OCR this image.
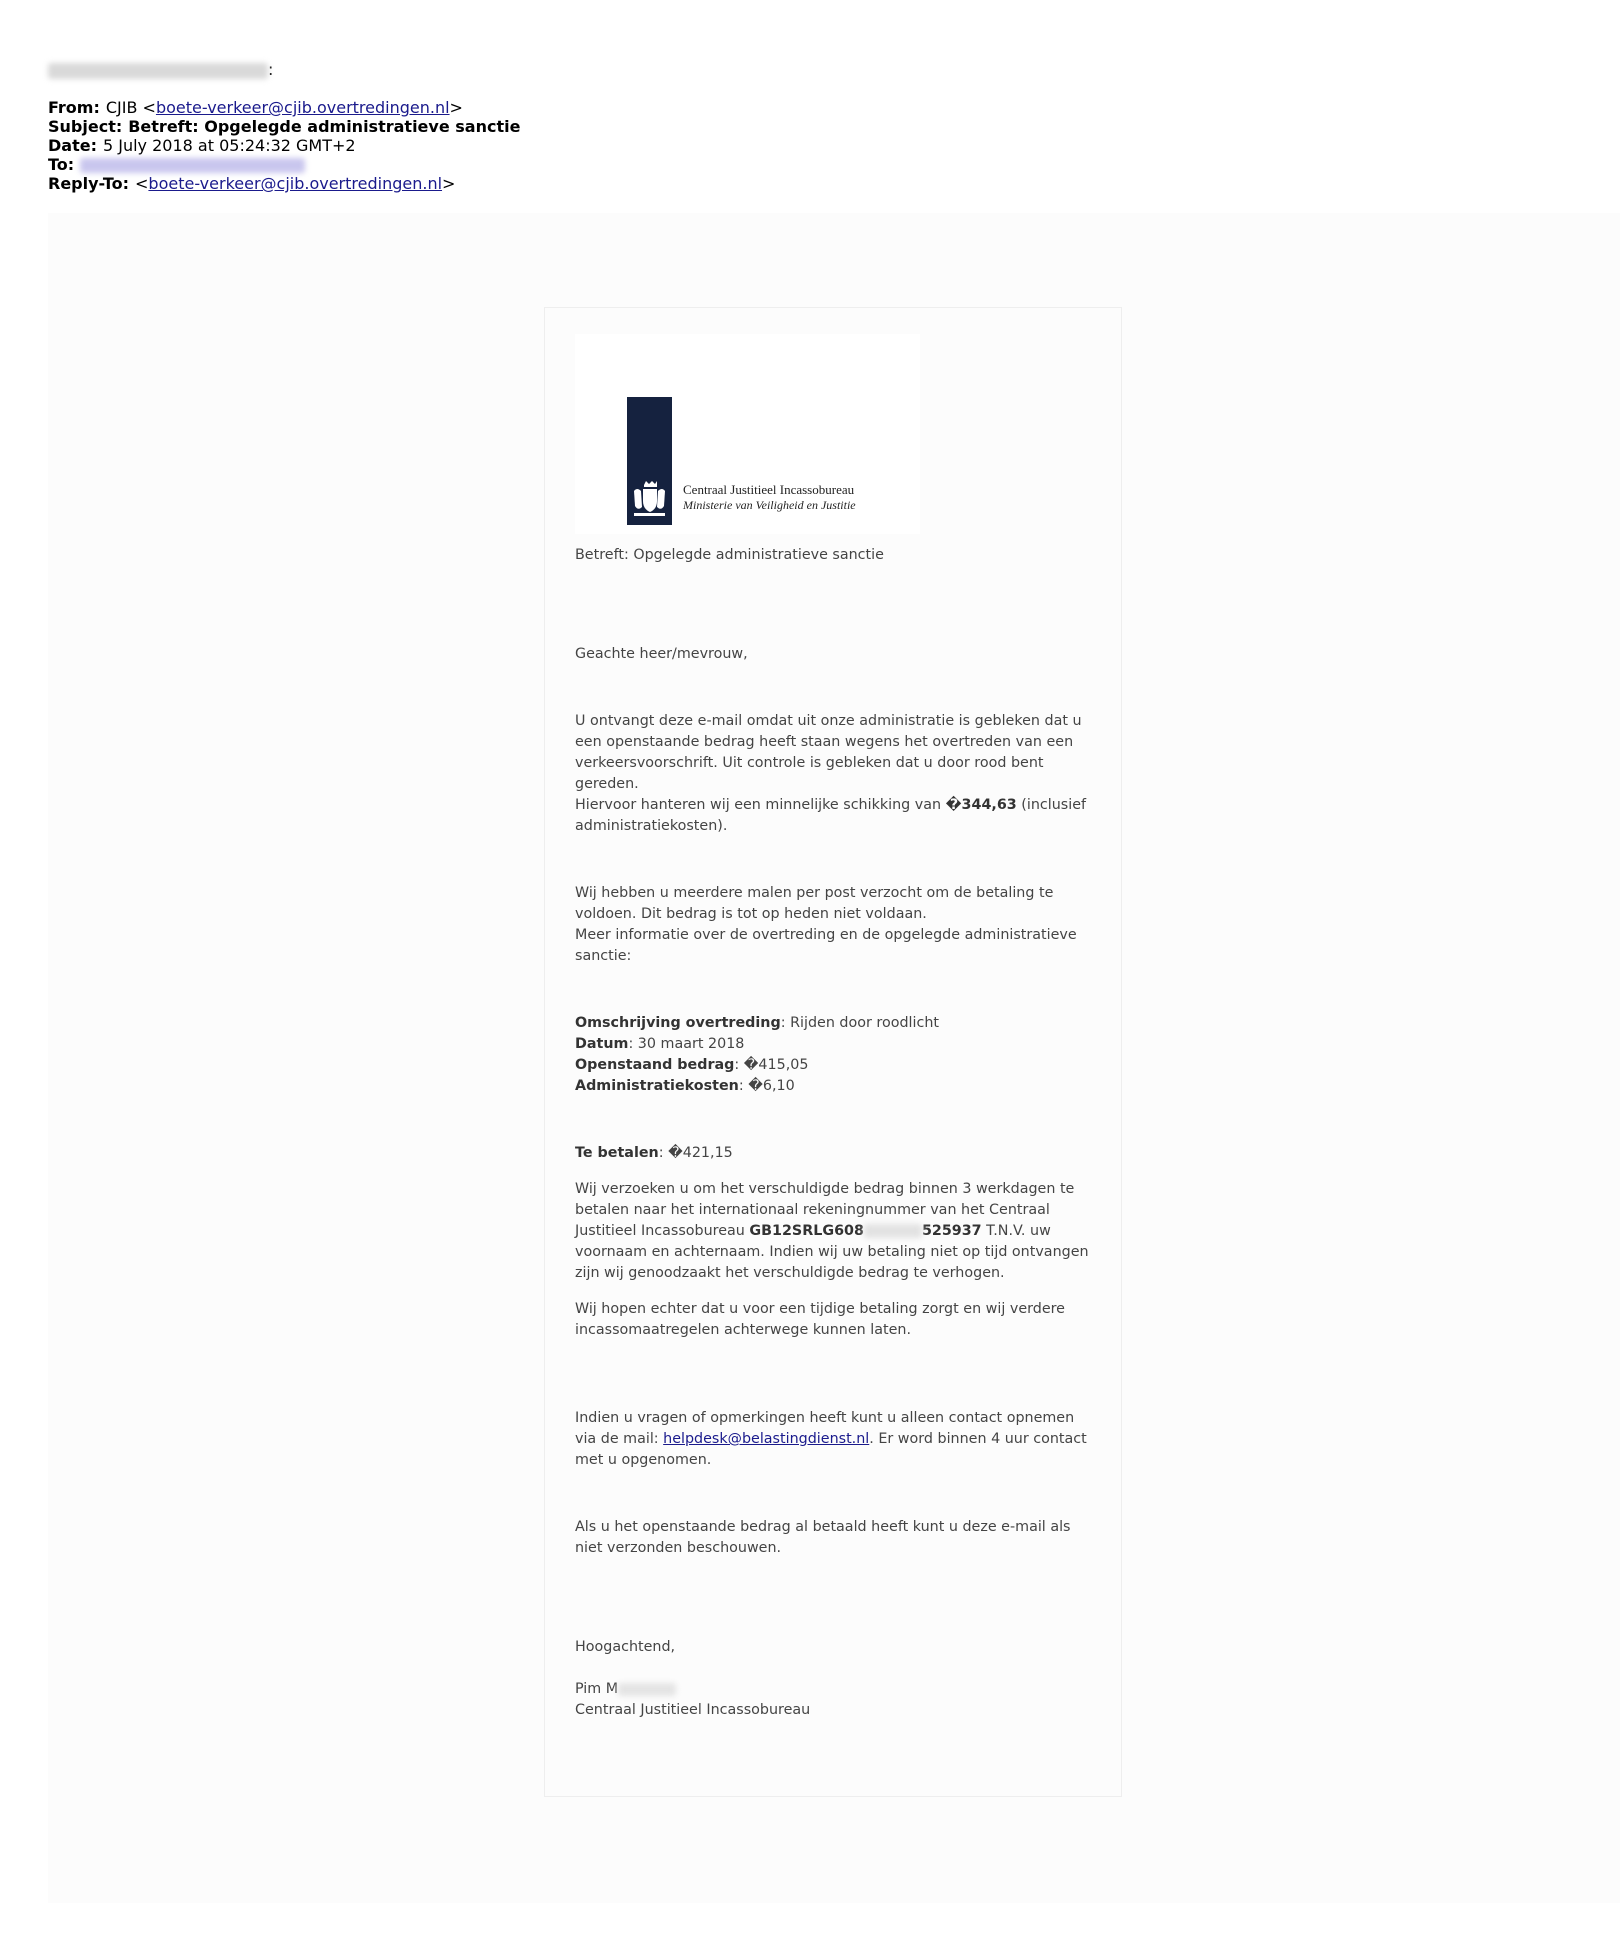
:
From: CJIB <boete-verkeer@cjib.overtredingen.nl>
Subject: Betreft: Opgelegde administratieve sanctie
Date: 5 July 2018 at 05:24:32 GMT+2
To:
Reply-To: <boete-verkeer@cjib.overtredingen.nl>
Centraal Justitieel Incassobureau
Ministerie van Veiligheid en Justitie

Betreft: Opgelegde administratieve sanctie

Geachte heer/mevrouw,

U ontvangt deze e-mail omdat uit onze administratie is gebleken dat u een openstaande bedrag heeft staan wegens het overtreden van een verkeersvoorschrift. Uit controle is gebleken dat u door rood bent gereden.

Hiervoor hanteren wij een minnelijke schikking van �344,63 (inclusief administratiekosten).

Wij hebben u meerdere malen per post verzocht om de betaling te voldoen. Dit bedrag is tot op heden niet voldaan.

Meer informatie over de overtreding en de opgelegde administratieve sanctie:

Omschrijving overtreding: Rijden door roodlicht

Datum: 30 maart 2018

Openstaand bedrag: �415,05

Administratiekosten: �6,10

Te betalen: �421,15

Wij verzoeken u om het verschuldigde bedrag binnen 3 werkdagen te betalen naar het internationaal rekeningnummer van het Centraal Justitieel Incassobureau GB12SRLG608	525937 T.N.V. uw voornaam en achternaam. Indien wij uw betaling niet op tijd ontvangen zijn wij genoodzaakt het verschuldigde bedrag te verhogen.

Wij hopen echter dat u voor een tijdige betaling zorgt en wij verdere incassomaatregelen achterwege kunnen laten.

Indien u vragen of opmerkingen heeft kunt u alleen contact opnemen via de mail: helpdesk@belastingdienst.nl. Er word binnen 4 uur contact met u opgenomen.

Als u het openstaande bedrag al betaald heeft kunt u deze e-mail als niet verzonden beschouwen.

Hoogachtend,

Pim M

Centraal Justitieel Incassobureau
